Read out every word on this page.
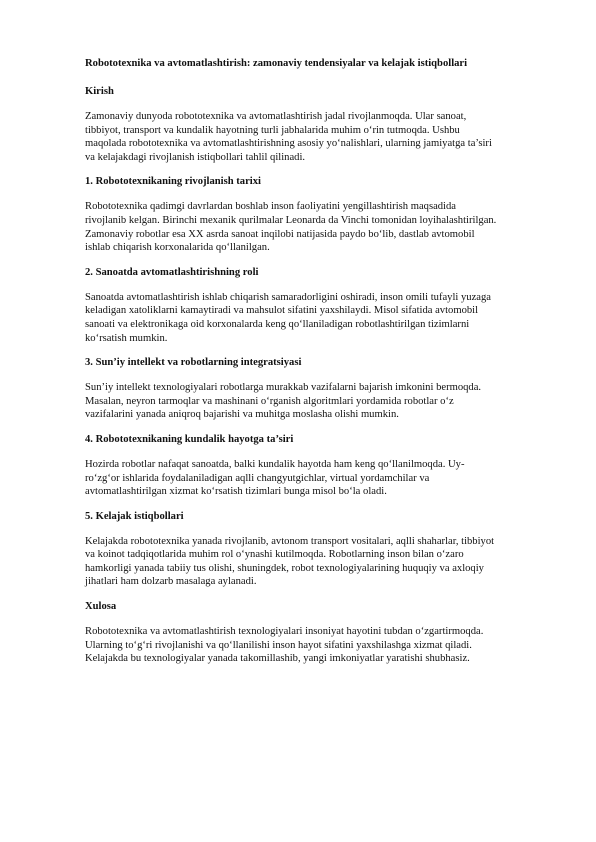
Robototexnika va avtomatlashtirish: zamonaviy tendensiyalar va kelajak istiqbollari

Kirish

Zamonaviy dunyoda robototexnika va avtomatlashtirish jadal rivojlanmoqda. Ular sanoat,
tibbiyot, transport va kundalik hayotning turli jabhalarida muhim o‘rin tutmoqda. Ushbu
maqolada robototexnika va avtomatlashtirishning asosiy yo‘nalishlari, ularning jamiyatga ta’siri
va kelajakdagi rivojlanish istiqbollari tahlil qilinadi.

1. Robototexnikaning rivojlanish tarixi

Robototexnika qadimgi davrlardan boshlab inson faoliyatini yengillashtirish maqsadida
rivojlanib kelgan. Birinchi mexanik qurilmalar Leonarda da Vinchi tomonidan loyihalashtirilgan.
Zamonaviy robotlar esa XX asrda sanoat inqilobi natijasida paydo bo‘lib, dastlab avtomobil
ishlab chiqarish korxonalarida qo‘llanilgan.

2. Sanoatda avtomatlashtirishning roli

Sanoatda avtomatlashtirish ishlab chiqarish samaradorligini oshiradi, inson omili tufayli yuzaga
keladigan xatoliklarni kamaytiradi va mahsulot sifatini yaxshilaydi. Misol sifatida avtomobil
sanoati va elektronikaga oid korxonalarda keng qo‘llaniladigan robotlashtirilgan tizimlarni
ko‘rsatish mumkin.

3. Sun’iy intellekt va robotlarning integratsiyasi

Sun’iy intellekt texnologiyalari robotlarga murakkab vazifalarni bajarish imkonini bermoqda.
Masalan, neyron tarmoqlar va mashinani o‘rganish algoritmlari yordamida robotlar o‘z
vazifalarini yanada aniqroq bajarishi va muhitga moslasha olishi mumkin.

4. Robototexnikaning kundalik hayotga ta’siri

Hozirda robotlar nafaqat sanoatda, balki kundalik hayotda ham keng qo‘llanilmoqda. Uy-
ro‘zg‘or ishlarida foydalaniladigan aqlli changyutgichlar, virtual yordamchilar va
avtomatlashtirilgan xizmat ko‘rsatish tizimlari bunga misol bo‘la oladi.

5. Kelajak istiqbollari

Kelajakda robototexnika yanada rivojlanib, avtonom transport vositalari, aqlli shaharlar, tibbiyot
va koinot tadqiqotlarida muhim rol o‘ynashi kutilmoqda. Robotlarning inson bilan o‘zaro
hamkorligi yanada tabiiy tus olishi, shuningdek, robot texnologiyalarining huquqiy va axloqiy
jihatlari ham dolzarb masalaga aylanadi.

Xulosa

Robototexnika va avtomatlashtirish texnologiyalari insoniyat hayotini tubdan o‘zgartirmoqda.
Ularning to‘g‘ri rivojlanishi va qo‘llanilishi inson hayot sifatini yaxshilashga xizmat qiladi.
Kelajakda bu texnologiyalar yanada takomillashib, yangi imkoniyatlar yaratishi shubhasiz.
